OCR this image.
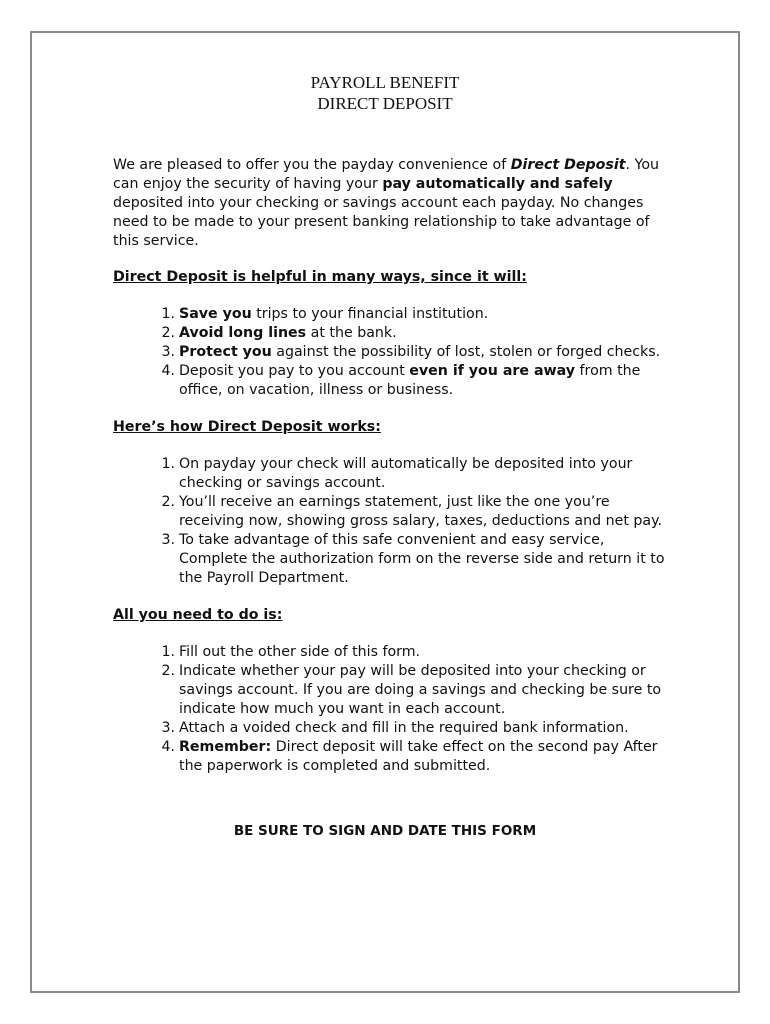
PAYROLL BENEFIT
DIRECT DEPOSIT

We are pleased to offer you the payday convenience of Direct Deposit. You can enjoy the security of having your pay automatically and safely deposited into your checking or savings account each payday. No changes need to be made to your present banking relationship to take advantage of this service.

Direct Deposit is helpful in many ways, since it will:
1. Save you trips to your financial institution.
2. Avoid long lines at the bank.
3. Protect you against the possibility of lost, stolen or forged checks.
4. Deposit you pay to you account even if you are away from the office, on vacation, illness or business.
Here’s how Direct Deposit works:
1. On payday your check will automatically be deposited into your checking or savings account.
2. You’ll receive an earnings statement, just like the one you’re receiving now, showing gross salary, taxes, deductions and net pay.
3. To take advantage of this safe convenient and easy service, Complete the authorization form on the reverse side and return it to the Payroll Department.
All you need to do is:
1. Fill out the other side of this form.
2. Indicate whether your pay will be deposited into your checking or savings account. If you are doing a savings and checking be sure to indicate how much you want in each account.
3. Attach a voided check and fill in the required bank information.
4. Remember: Direct deposit will take effect on the second pay After the paperwork is completed and submitted.
BE SURE TO SIGN AND DATE THIS FORM
